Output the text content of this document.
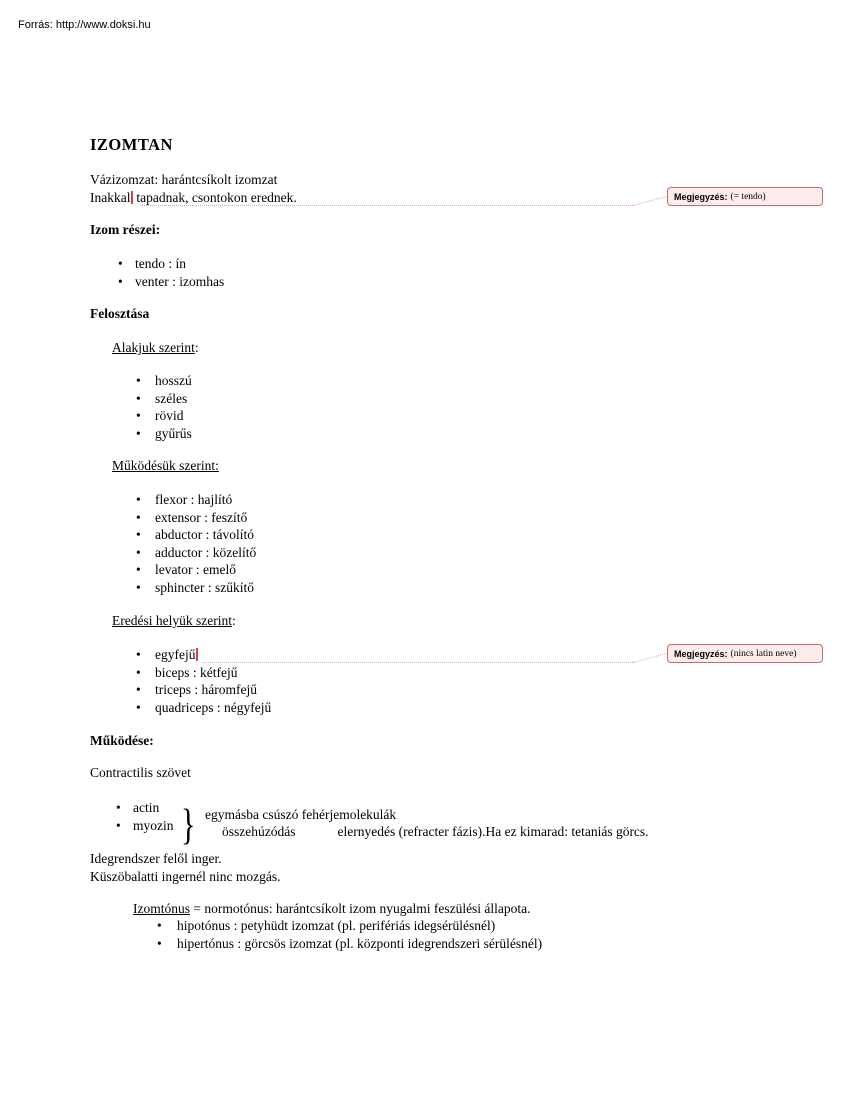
Forrás: http://www.doksi.hu
IZOMTAN
Vázizomzat: harántcsíkolt izomzat
Inakkal tapadnak, csontokon erednek.	Megjegyzés: (= tendo)
Izom részei:
• tendo : ín
• venter : izomhas
Felosztása
Alakjuk szerint:
• hosszú
• széles
• rövid
• gyűrűs
Működésük szerint:
• flexor : hajlító
• extensor : feszítő
• abductor : távolító
• adductor : közelítő
• levator : emelő
• sphincter : szűkítő
Eredési helyük szerint:
• egyfejű
• biceps : kétfejű
• triceps : háromfejű
• quadriceps : négyfejű
Megjegyzés: (nincs latin neve)
Működése:
Contractilis szövet
• actin
• myozin } egymásba csúszó fehérjemolekulák
összehúzódás	elernyedés (refracter fázis).Ha ez kimarad: tetaniás görcs.
Idegrendszer felől inger.
Küszöbalatti ingernél ninc mozgás.
Izomtónus = normotónus: harántcsíkolt izom nyugalmi feszülési állapota.
• hipotónus : petyhüdt izomzat (pl. perifériás idegsérülésnél)
• hipertónus : görcsös izomzat (pl. központi idegrendszeri sérülésnél)
